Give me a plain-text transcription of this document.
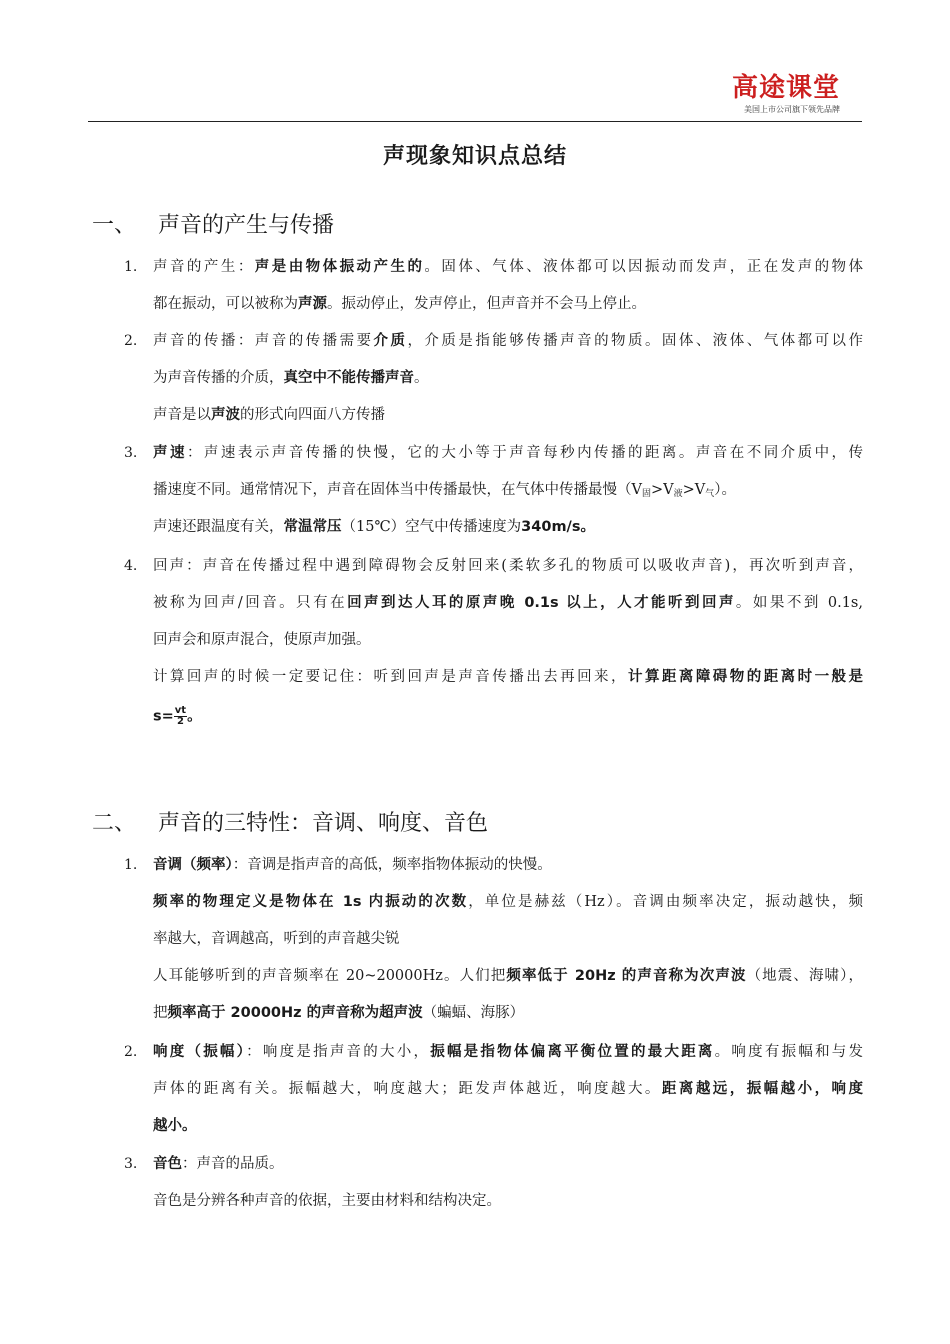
高途课堂
美国上市公司旗下领先品牌
声现象知识点总结
一、 声音的产生与传播
1. 声音的产生：声是由物体振动产生的。固体、气体、液体都可以因振动而发声，正在发声的物体
都在振动，可以被称为声源。振动停止，发声停止，但声音并不会马上停止。
2. 声音的传播：声音的传播需要介质，介质是指能够传播声音的物质。固体、液体、气体都可以作
为声音传播的介质，真空中不能传播声音。
声音是以声波的形式向四面八方传播
3. 声速：声速表示声音传播的快慢，它的大小等于声音每秒内传播的距离。声音在不同介质中，传
播速度不同。通常情况下，声音在固体当中传播最快，在气体中传播最慢$(V_固>V_液>V_气)$。
声速还跟温度有关，常温常压（15℃）空气中传播速度为340m/s。
4. 回声：声音在传播过程中遇到障碍物会反射回来(柔软多孔的物质可以吸收声音)，再次听到声音，
被称为回声/回音。只有在回声到达人耳的原声晚 0.1s 以上，人才能听到回声。如果不到 0.1s,
回声会和原声混合，使原声加强。
计算回声的时候一定要记住：听到回声是声音传播出去再回来，计算距离障碍物的距离时一般是
$s= \frac{vt}{2}$ 。
二、 声音的三特性：音调、响度、音色
1. 音调（频率）：音调是指声音的高低，频率指物体振动的快慢。
频率的物理定义是物体在 1s 内振动的次数，单位是赫兹（Hz）。音调由频率决定，振动越快，频
率越大，音调越高，听到的声音越尖锐
人耳能够听到的声音频率在 20~20000Hz。人们把频率低于 20Hz 的声音称为次声波（地震、海啸），
把频率高于 20000Hz 的声音称为超声波（蝙蝠、海豚）
2. 响度（振幅）：响度是指声音的大小，振幅是指物体偏离平衡位置的最大距离。响度有振幅和与发
声体的距离有关。振幅越大，响度越大；距发声体越近，响度越大。距离越远，振幅越小，响度
越小。
3. 音色：声音的品质。
音色是分辨各种声音的依据，主要由材料和结构决定。
